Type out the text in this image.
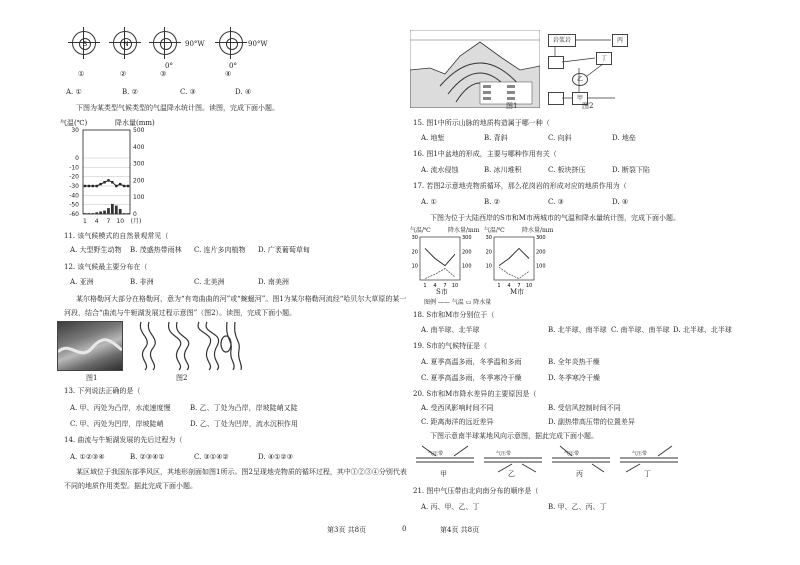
S	N	90°W
0°	0°
90°W
①	②	③	④
A. ①	B. ②	C. ③	D. ④
下图为某类型气候类型的气温降水统计图。读图，完成下面小题。
气温(℃)	降水量(mm)
30
0
-10
-20
-30
-40
-50
-60
500
400
300
200
100
0
1 4 7 10 (月)
11. 该气候模式的自然景观常见（
A. 大型野生动物 B. 茂盛热带雨林 C. 连片多肉植物 D. 广袤葡萄草甸
12. 该气候最主要分布在（
A. 亚洲	B. 非洲	C. 北美洲	D. 南美洲
某尔格勒河大部分在格勒河，意为“有弯曲曲的河”或“蜿蜒河”。图1为某尔格勒河流经“哈贝尔大草原的某一
河段，结合“曲流与牛轭湖发展过程示意图”（图2）。读图，完成下面小题。
图1	图2
13. 下列说法正确的是（
A. 甲、丙处为凸岸，水流速度慢	B. 乙、丁处为凸岸，岸坡陡峭又陡
C. 甲、丙处为凹岸，岸坡陡峭	D. 乙、丁处为凹岸，流水沉积作用
14. 曲流与牛轭湖发展的先后过程为（
A. ①②③④	B. ②③④①	C. ③①④②	D. ④①②③
某区域位于我国东部季风区，其地形剖面如图1所示。图2呈现地壳物质的循环过程，其中①②③④分别代表
不同的地质作用类型。据此完成下面小题。
第3页 共8页	0
岩浆岩	丙
丁
乙
甲
图1	图2
15. 图1中所示山脉的地质构造属于哪一种（
A. 地堑	B. 背斜	C. 向斜	D. 地垒
16. 图1中盆地的形成，主要与哪种作用有关（
A. 流水侵蚀	B. 冰川堆积	C. 板块挤压	D. 断裂下陷
17. 若图2示意地壳物质循环，那么花岗岩的形成对应的地质作用为（
A. ①	B. ②	C. ③	D. ④
下图为位于大陆西岸的S市和M市两城市的气温和降水量统计图，完成下面小题。
气温/℃	降水量/mm 气温/℃	降水量/mm
30
20
10
300
200
100
1 4 7 10
30
20
10
300
200
100
1 4 7 10
S市	M市
图例 —— 气温 ▭ 降水量
18. S市和M市分别位于（
A. 南半球、北半球	B. 北半球、南半球 C. 南半球、南半球 D. 北半球、北半球
19. S市的气候特征是（
A. 夏季高温多雨，冬季温和多雨	B. 全年炎热干燥
C. 夏季高温多雨，冬季寒冷干燥	D. 冬季寒冷干燥
20. S市和M市降水差异的主要原因是（
A. 受西风影响时间不同	B. 受信风控制时间不同
C. 距离海洋的远近差异	D. 副热带高压带的位置差异
下图示意南半球某地风向示意图，据此完成下面小题。
气压带	气压带	气压带	气压带
甲	乙	丙	丁
21. 图中气压带由北向南分布的顺序是（
A. 丙、甲、乙、丁	B. 甲、乙、丙、丁
第4页 共8页
